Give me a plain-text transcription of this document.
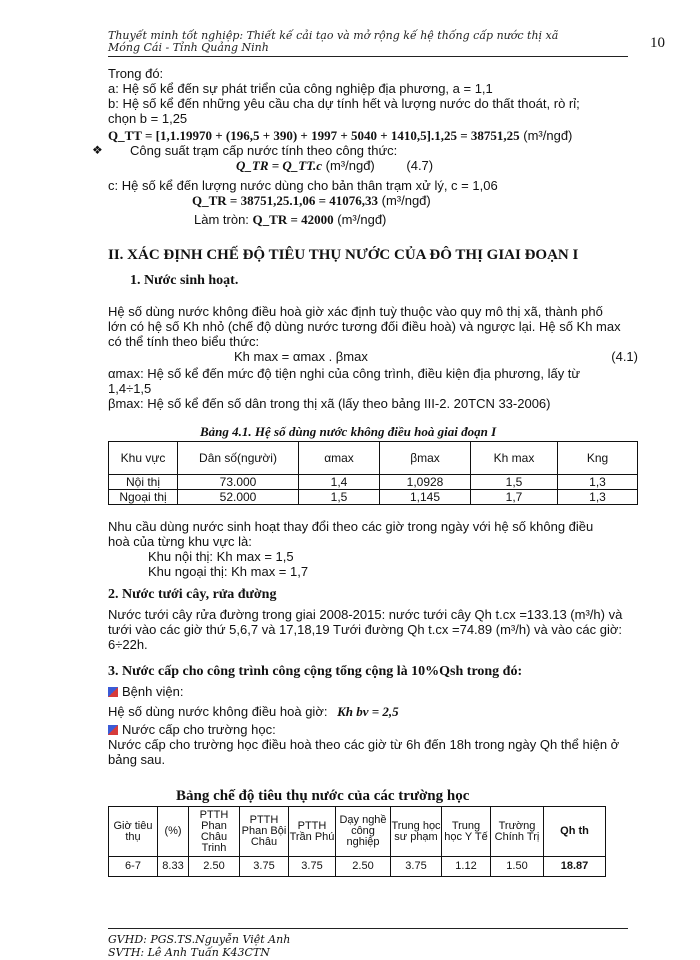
Thuyết minh tốt nghiệp: Thiết kế cải tạo và mở rộng kế hệ thống cấp nước thị xã
Móng Cái - Tỉnh Quảng Ninh	10
Trong đó:
a: Hệ số kể đến sự phát triển của công nghiệp địa phương, a = 1,1
b: Hệ số kể đến những yêu cầu cha dự tính hết và lượng nước do thất thoát, rò rỉ;
chọn b = 1,25
Q_TT = [1,1.19970 + (196,5 + 390) + 1997 + 5040 + 1410,5].1,25 = 38751,25 (m³/ngđ)
❖ Công suất trạm cấp nước tính theo công thức:
Q_TR = Q_TT.c (m³/ngđ) (4.7)
c: Hệ số kể đến lượng nước dùng cho bản thân trạm xử lý, c = 1,06
Q_TR = 38751,25.1,06 = 41076,33 (m³/ngđ)
Làm tròn: Q_TR = 42000 (m³/ngđ)
II. XÁC ĐỊNH CHẾ ĐỘ TIÊU THỤ NƯỚC CỦA ĐÔ THỊ GIAI ĐOẠN I
1. Nước sinh hoạt.
Hệ số dùng nước không điều hoà giờ xác định tuỳ thuộc vào quy mô thị xã, thành phố
lớn có hệ số Kh nhỏ (chế độ dùng nước tương đối điều hoà) và ngược lại. Hệ số Kh max
có thể tính theo biểu thức:
Kh max = αmax . βmax	(4.1)
αmax: Hệ số kể đến mức độ tiện nghi của công trình, điều kiện địa phương, lấy từ
1,4÷1,5
βmax: Hệ số kể đến số dân trong thị xã (lấy theo bảng III-2. 20TCN 33-2006)
Bảng 4.1. Hệ số dùng nước không điều hoà giai đoạn I
Khu vực	Dân số(người)	αmax	βmax	Kh max	Kng
Nội thị	73.000	1,4	1,0928	1,5	1,3
Ngoại thị	52.000	1,5	1,145	1,7	1,3
Nhu cầu dùng nước sinh hoạt thay đổi theo các giờ trong ngày với hệ số không điều
hoà của từng khu vực là:
Khu nội thị: Kh max = 1,5
Khu ngoại thị: Kh max = 1,7
2. Nước tưới cây, rửa đường
Nước tưới cây rửa đường trong giai 2008-2015: nước tưới cây Qh t.cx =133.13 (m³/h) và
tưới vào các giờ thứ 5,6,7 và 17,18,19 Tưới đường Qh t.cx =74.89 (m³/h) và vào các giờ:
6÷22h.
3. Nước cấp cho công trình công cộng tổng cộng là 10%Qsh trong đó:
Bệnh viện:
Hệ số dùng nước không điều hoà giờ: Kh bv = 2,5
Nước cấp cho trường học:
Nước cấp cho trường học điều hoà theo các giờ từ 6h đến 18h trong ngày Qh thể hiện ở
bảng sau.
Bảng chế độ tiêu thụ nước của các trường học
Giờ tiêu thụ	(%)	PTTH Phan Châu Trinh	PTTH Phan Bội Châu	PTTH Trần Phú	Dạy nghề công nghiệp	Trung học sư phạm	Trung học Y Tế	Trường Chính Trị	Qh th
6-7	8.33	2.50	3.75	3.75	2.50	3.75	1.12	1.50	18.87
GVHD: PGS.TS.Nguyễn Việt Anh
SVTH: Lê Anh Tuấn K43CTN
